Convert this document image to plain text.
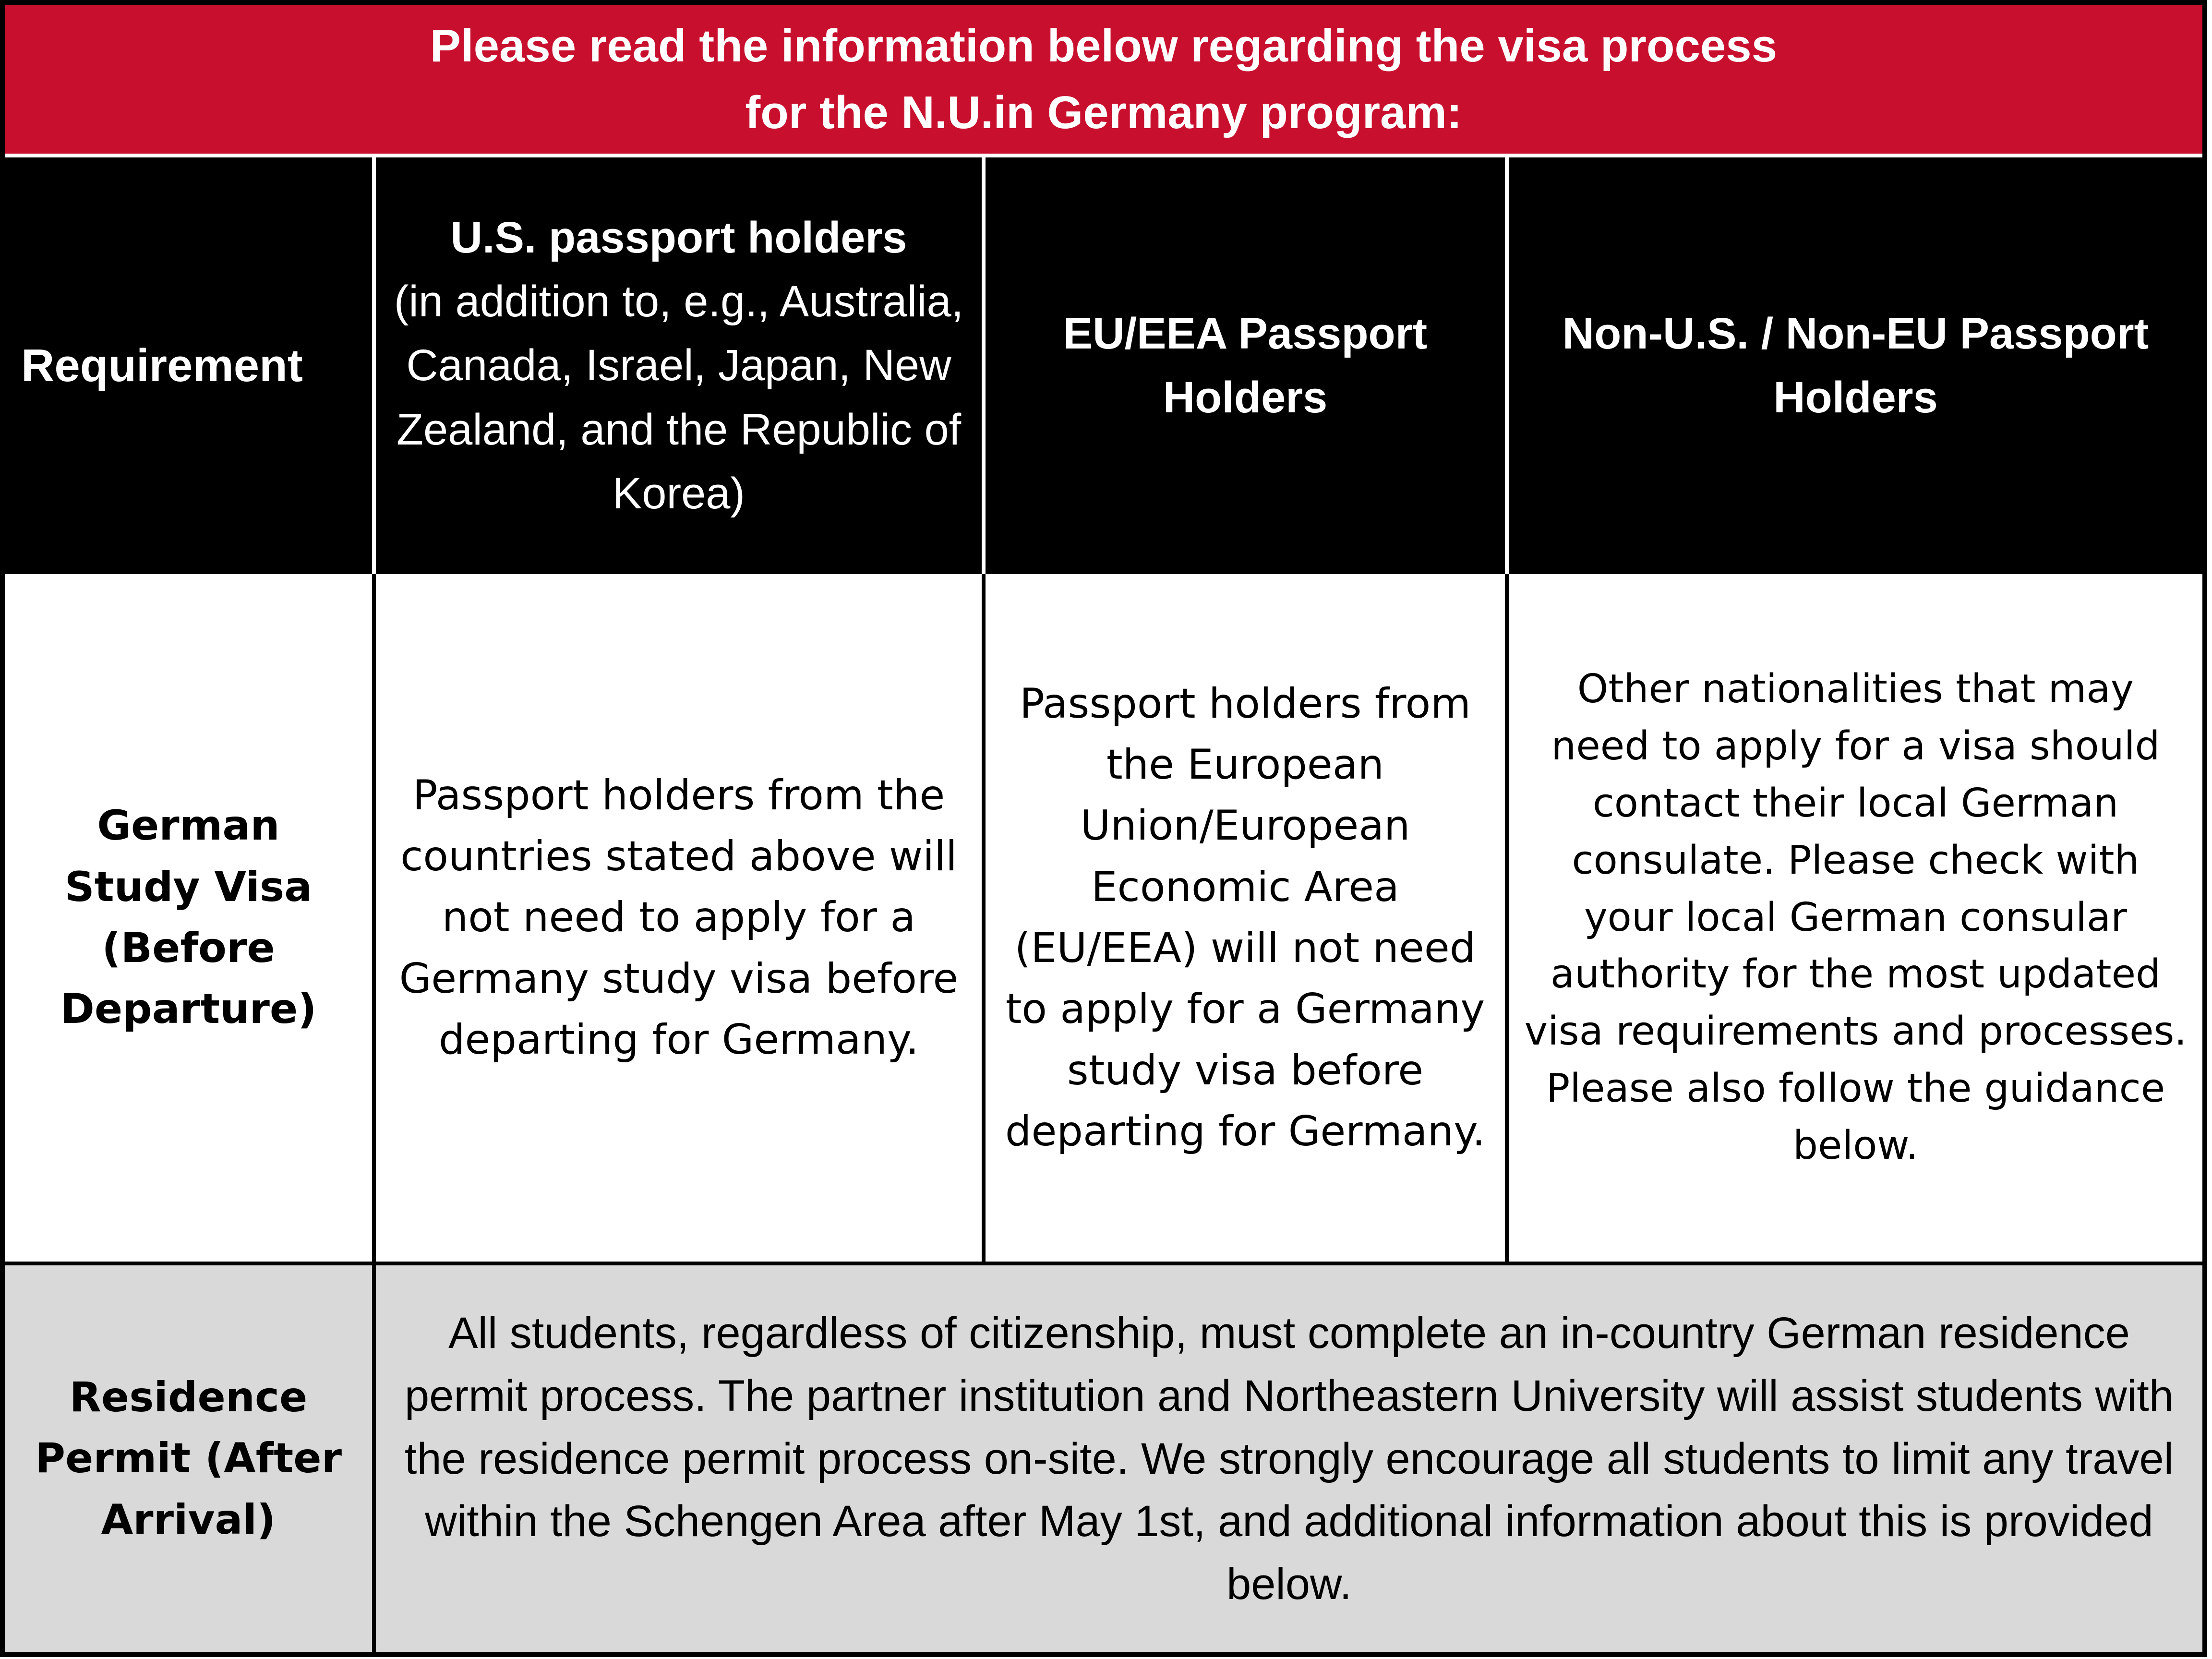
Please read the information below regarding the visa process
for the N.U.in Germany program:
Requirement
U.S. passport holders
(in addition to, e.g., Australia, Canada, Israel, Japan, New Zealand, and the Republic of Korea)
EU/EEA Passport Holders
Non-U.S. / Non-EU Passport Holders
German Study Visa (Before Departure)
Passport holders from the countries stated above will not need to apply for a Germany study visa before departing for Germany.
Passport holders from the European Union/European Economic Area (EU/EEA) will not need to apply for a Germany study visa before departing for Germany.
Other nationalities that may need to apply for a visa should contact their local German consulate. Please check with your local German consular authority for the most updated visa requirements and processes. Please also follow the guidance below.
Residence Permit (After Arrival)
All students, regardless of citizenship, must complete an in-country German residence permit process. The partner institution and Northeastern University will assist students with the residence permit process on-site. We strongly encourage all students to limit any travel within the Schengen Area after May 1st, and additional information about this is provided below.
